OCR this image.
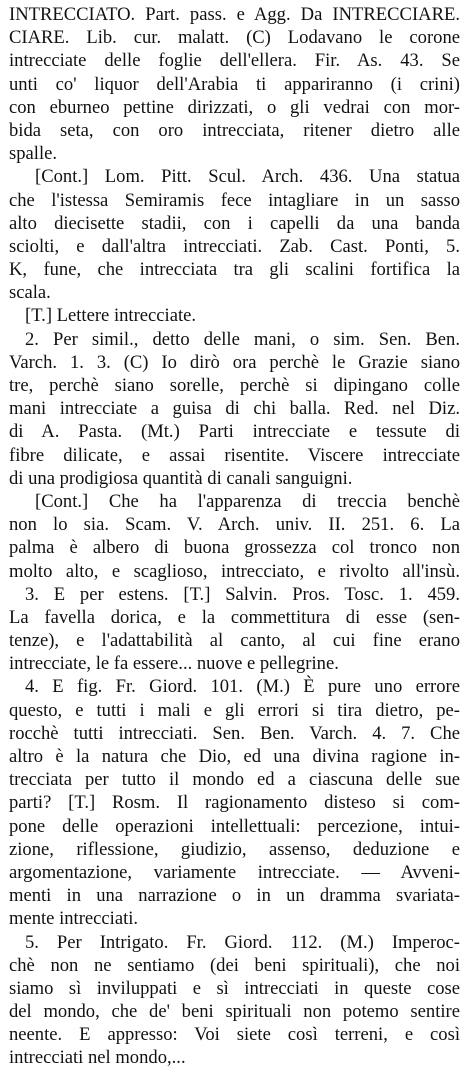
INTRECCIATO. Part. pass. e Agg. Da INTRECCIARE.
CIARE. Lib. cur. malatt. (C) Lodavano le corone
intrecciate delle foglie dell'ellera. Fir. As. 43. Se
unti co' liquor dell'Arabia ti appariranno (i crini)
con eburneo pettine dirizzati, o gli vedrai con mor-
bida seta, con oro intrecciata, ritener dietro alle
spalle.
[Cont.] Lom. Pitt. Scul. Arch. 436. Una statua
che l'istessa Semiramis fece intagliare in un sasso
alto diecisette stadii, con i capelli da una banda
sciolti, e dall'altra intrecciati. Zab. Cast. Ponti, 5.
K, fune, che intrecciata tra gli scalini fortifica la
scala.
[T.] Lettere intrecciate.
2. Per simil., detto delle mani, o sim. Sen. Ben.
Varch. 1. 3. (C) Io dirò ora perchè le Grazie siano
tre, perchè siano sorelle, perchè si dipingano colle
mani intrecciate a guisa di chi balla. Red. nel Diz.
di A. Pasta. (Mt.) Parti intrecciate e tessute di
fibre dilicate, e assai risentite. Viscere intrecciate
di una prodigiosa quantità di canali sanguigni.
[Cont.] Che ha l'apparenza di treccia benchè
non lo sia. Scam. V. Arch. univ. II. 251. 6. La
palma è albero di buona grossezza col tronco non
molto alto, e scaglioso, intrecciato, e rivolto all'insù.
3. E per estens. [T.] Salvin. Pros. Tosc. 1. 459.
La favella dorica, e la commettitura di esse (sen-
tenze), e l'adattabilità al canto, al cui fine erano
intrecciate, le fa essere... nuove e pellegrine.
4. E fig. Fr. Giord. 101. (M.) È pure uno errore
questo, e tutti i mali e gli errori si tira dietro, pe-
rocchè tutti intrecciati. Sen. Ben. Varch. 4. 7. Che
altro è la natura che Dio, ed una divina ragione in-
trecciata per tutto il mondo ed a ciascuna delle sue
parti? [T.] Rosm. Il ragionamento disteso si com-
pone delle operazioni intellettuali: percezione, intui-
zione, riflessione, giudizio, assenso, deduzione e
argomentazione, variamente intrecciate. — Avveni-
menti in una narrazione o in un dramma svariata-
mente intrecciati.
5. Per Intrigato. Fr. Giord. 112. (M.) Imperoc-
chè non ne sentiamo (dei beni spirituali), che noi
siamo sì inviluppati e sì intrecciati in queste cose
del mondo, che de' beni spirituali non potemo sentire
neente. E appresso: Voi siete così terreni, e così
intrecciati nel mondo,...
